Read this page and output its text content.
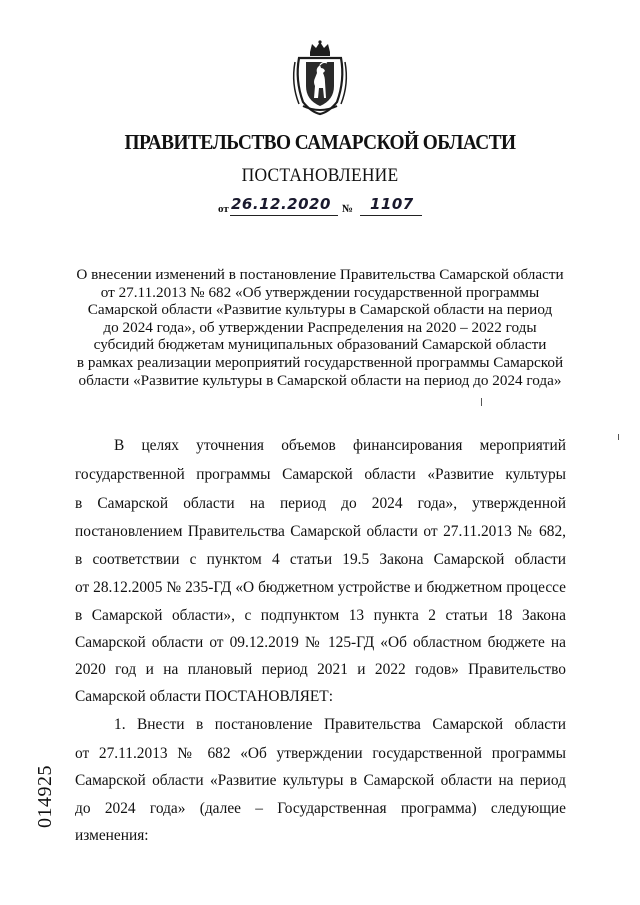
ПРАВИТЕЛЬСТВО САМАРСКОЙ ОБЛАСТИ
ПОСТАНОВЛЕНИЕ
от 26.12.2020 № 1107
О внесении изменений в постановление Правительства Самарской области
от 27.11.2013 № 682 «Об утверждении государственной программы
Самарской области «Развитие культуры в Самарской области на период
до 2024 года», об утверждении Распределения на 2020 – 2022 годы
субсидий бюджетам муниципальных образований Самарской области
в рамках реализации мероприятий государственной программы Самарской
области «Развитие культуры в Самарской области на период до 2024 года»
В целях уточнения объемов финансирования мероприятий
государственной программы Самарской области «Развитие культуры
в Самарской области на период до 2024 года», утвержденной
постановлением Правительства Самарской области от 27.11.2013 № 682,
в соответствии с пунктом 4 статьи 19.5 Закона Самарской области
от 28.12.2005 № 235-ГД «О бюджетном устройстве и бюджетном процессе
в Самарской области», с подпунктом 13 пункта 2 статьи 18 Закона
Самарской области от 09.12.2019 № 125-ГД «Об областном бюджете на
2020 год и на плановый период 2021 и 2022 годов» Правительство
Самарской области ПОСТАНОВЛЯЕТ:
1. Внести в постановление Правительства Самарской области
от 27.11.2013 № 682 «Об утверждении государственной программы
Самарской области «Развитие культуры в Самарской области на период
до 2024 года» (далее – Государственная программа) следующие
изменения:
014925
